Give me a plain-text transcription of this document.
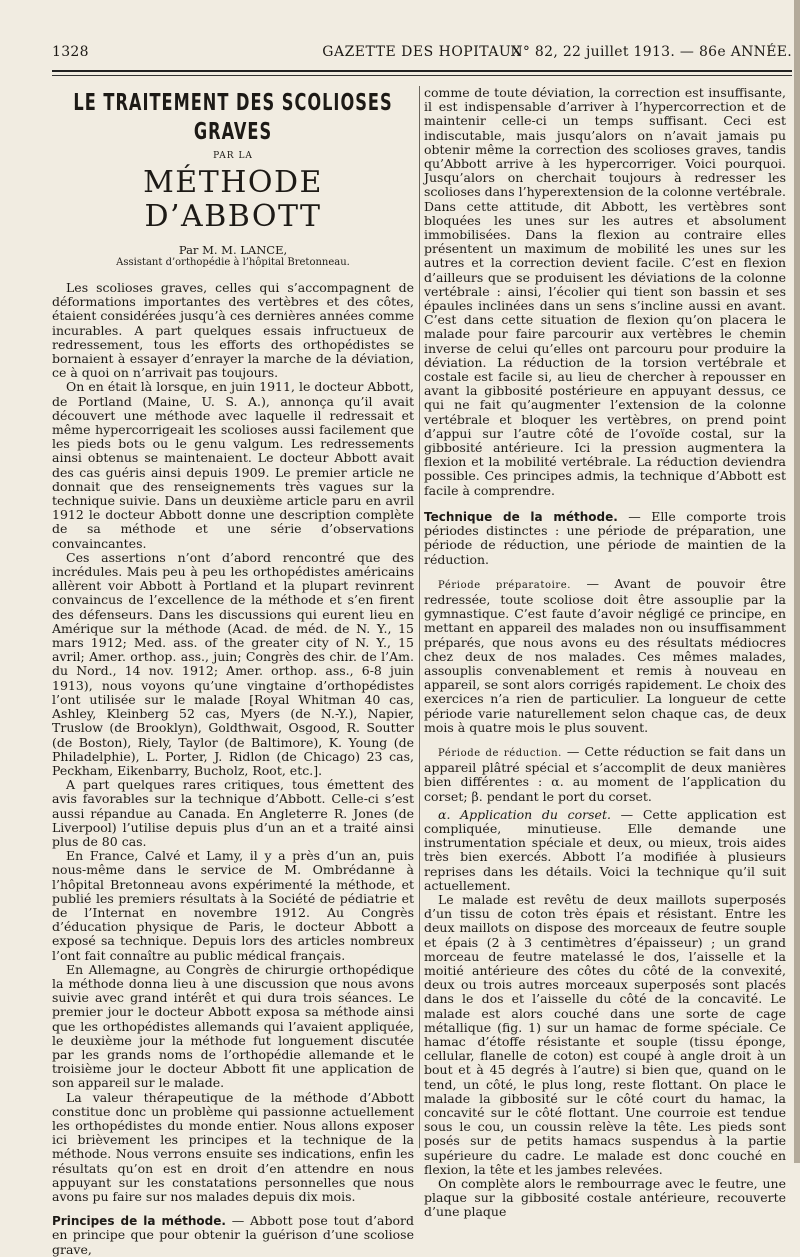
1328	GAZETTE DES HOPITAUX
N° 82, 22 juillet 1913. — 86e ANNÉE.
LE TRAITEMENT DES SCOLIOSES GRAVES
PAR LA
MÉTHODE D’ABBOTT
Par M. M. LANCE,
Assistant d’orthopédie à l’hôpital Bretonneau.

Les scolioses graves, celles qui s’accompagnent de déformations importantes des vertèbres et des côtes, étaient considérées jusqu’à ces dernières années comme incurables. A part quelques essais infructueux de redressement, tous les efforts des orthopédistes se bornaient à essayer d’enrayer la marche de la déviation, ce à quoi on n’arrivait pas toujours.

On en était là lorsque, en juin 1911, le docteur Abbott, de Portland (Maine, U. S. A.), annonça qu’il avait découvert une méthode avec laquelle il redressait et même hypercorrigeait les scolioses aussi facilement que les pieds bots ou le genu valgum. Les redressements ainsi obtenus se maintenaient. Le docteur Abbott avait des cas guéris ainsi depuis 1909. Le premier article ne donnait que des renseignements très vagues sur la technique suivie. Dans un deuxième article paru en avril 1912 le docteur Abbott donne une description complète de sa méthode et une série d’observations convaincantes.

Ces assertions n’ont d’abord rencontré que des incrédules. Mais peu à peu les orthopédistes américains allèrent voir Abbott à Portland et la plupart revinrent convaincus de l’excellence de la méthode et s’en firent des défenseurs. Dans les discussions qui eurent lieu en Amérique sur la méthode (Acad. de méd. de N. Y., 15 mars 1912; Med. ass. of the greater city of N. Y., 15 avril; Amer. orthop. ass., juin; Congrès des chir. de l’Am. du Nord., 14 nov. 1912; Amer. orthop. ass., 6-8 juin 1913), nous voyons qu’une vingtaine d’orthopédistes l’ont utilisée sur le malade [Royal Whitman 40 cas, Ashley, Kleinberg 52 cas, Myers (de N.-Y.), Napier, Truslow (de Brooklyn), Goldthwait, Osgood, R. Soutter (de Boston), Riely, Taylor (de Baltimore), K. Young (de Philadelphie), L. Porter, J. Ridlon (de Chicago) 23 cas, Peckham, Eikenbarry, Bucholz, Root, etc.].

A part quelques rares critiques, tous émettent des avis favorables sur la technique d’Abbott. Celle-ci s’est aussi répandue au Canada. En Angleterre R. Jones (de Liverpool) l’utilise depuis plus d’un an et a traité ainsi plus de 80 cas.

En France, Calvé et Lamy, il y a près d’un an, puis nous-même dans le service de M. Ombrédanne à l’hôpital Bretonneau avons expérimenté la méthode, et publié les premiers résultats à la Société de pédiatrie et de l’Internat en novembre 1912. Au Congrès d’éducation physique de Paris, le docteur Abbott a exposé sa technique. Depuis lors des articles nombreux l’ont fait connaître au public médical français.

En Allemagne, au Congrès de chirurgie orthopédique la méthode donna lieu à une discussion que nous avons suivie avec grand intérêt et qui dura trois séances. Le premier jour le docteur Abbott exposa sa méthode ainsi que les orthopédistes allemands qui l’avaient appliquée, le deuxième jour la méthode fut longuement discutée par les grands noms de l’orthopédie allemande et le troisième jour le docteur Abbott fit une application de son appareil sur le malade.

La valeur thérapeutique de la méthode d’Abbott constitue donc un problème qui passionne actuellement les orthopédistes du monde entier. Nous allons exposer ici brièvement les principes et la technique de la méthode. Nous verrons ensuite ses indications, enfin les résultats qu’on est en droit d’en attendre en nous appuyant sur les constatations personnelles que nous avons pu faire sur nos malades depuis dix mois.

Principes de la méthode. — Abbott pose tout d’abord en principe que pour obtenir la guérison d’une scoliose grave,

comme de toute déviation, la correction est insuffisante, il est indispensable d’arriver à l’hypercorrection et de maintenir celle-ci un temps suffisant. Ceci est indiscutable, mais jusqu’alors on n’avait jamais pu obtenir même la correction des scolioses graves, tandis qu’Abbott arrive à les hypercorriger. Voici pourquoi. Jusqu’alors on cherchait toujours à redresser les scolioses dans l’hyperextension de la colonne vertébrale. Dans cette attitude, dit Abbott, les vertèbres sont bloquées les unes sur les autres et absolument immobilisées. Dans la flexion au contraire elles présentent un maximum de mobilité les unes sur les autres et la correction devient facile. C’est en flexion d’ailleurs que se produisent les déviations de la colonne vertébrale : ainsi, l’écolier qui tient son bassin et ses épaules inclinées dans un sens s’incline aussi en avant. C’est dans cette situation de flexion qu’on placera le malade pour faire parcourir aux vertèbres le chemin inverse de celui qu’elles ont parcouru pour produire la déviation. La réduction de la torsion vertébrale et costale est facile si, au lieu de chercher à repousser en avant la gibbosité postérieure en appuyant dessus, ce qui ne fait qu’augmenter l’extension de la colonne vertébrale et bloquer les vertèbres, on prend point d’appui sur l’autre côté de l’ovoïde costal, sur la gibbosité antérieure. Ici la pression augmentera la flexion et la mobilité vertébrale. La réduction deviendra possible. Ces principes admis, la technique d’Abbott est facile à comprendre.

Technique de la méthode. — Elle comporte trois périodes distinctes : une période de préparation, une période de réduction, une période de maintien de la réduction.

Période préparatoire. — Avant de pouvoir être redressée, toute scoliose doit être assouplie par la gymnastique. C’est faute d’avoir négligé ce principe, en mettant en appareil des malades non ou insuffisamment préparés, que nous avons eu des résultats médiocres chez deux de nos malades. Ces mêmes malades, assouplis convenablement et remis à nouveau en appareil, se sont alors corrigés rapidement. Le choix des exercices n’a rien de particulier. La longueur de cette période varie naturellement selon chaque cas, de deux mois à quatre mois le plus souvent.

Période de réduction. — Cette réduction se fait dans un appareil plâtré spécial et s’accomplit de deux manières bien différentes : α. au moment de l’application du corset; β. pendant le port du corset.

α. Application du corset. — Cette application est compliquée, minutieuse. Elle demande une instrumentation spéciale et deux, ou mieux, trois aides très bien exercés. Abbott l’a modifiée à plusieurs reprises dans les détails. Voici la technique qu’il suit actuellement.

Le malade est revêtu de deux maillots superposés d’un tissu de coton très épais et résistant. Entre les deux maillots on dispose des morceaux de feutre souple et épais (2 à 3 centimètres d’épaisseur) ; un grand morceau de feutre matelassé le dos, l’aisselle et la moitié antérieure des côtes du côté de la convexité, deux ou trois autres morceaux superposés sont placés dans le dos et l’aisselle du côté de la concavité. Le malade est alors couché dans une sorte de cage métallique (fig. 1) sur un hamac de forme spéciale. Ce hamac d’étoffe résistante et souple (tissu éponge, cellular, flanelle de coton) est coupé à angle droit à un bout et à 45 degrés à l’autre) si bien que, quand on le tend, un côté, le plus long, reste flottant. On place le malade la gibbosité sur le côté court du hamac, la concavité sur le côté flottant. Une courroie est tendue sous le cou, un coussin relève la tête. Les pieds sont posés sur de petits hamacs suspendus à la partie supérieure du cadre. Le malade est donc couché en flexion, la tête et les jambes relevées.

On complète alors le rembourrage avec le feutre, une plaque sur la gibbosité costale antérieure, recouverte d’une plaque
